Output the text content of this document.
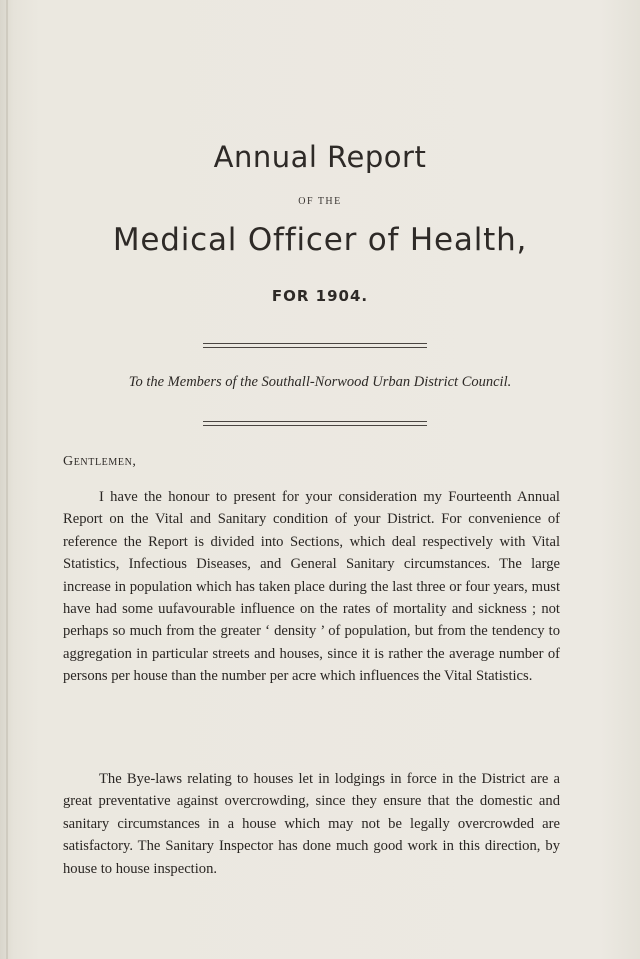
Annual Report
OF THE
Medical Officer of Health,
FOR 1904.

To the Members of the Southall-Norwood Urban District Council.

Gentlemen,

I have the honour to present for your consideration my Fourteenth Annual Report on the Vital and Sanitary condition of your District. For convenience of reference the Report is divided into Sections, which deal respectively with Vital Statistics, Infectious Diseases, and General Sanitary circumstances. The large increase in population which has taken place during the last three or four years, must have had some uufavourable influence on the rates of mortality and sickness ; not perhaps so much from the greater ‘ density ’ of population, but from the tendency to aggregation in particular streets and houses, since it is rather the average number of persons per house than the number per acre which influences the Vital Statistics.

The Bye-laws relating to houses let in lodgings in force in the District are a great preventative against overcrowding, since they ensure that the domestic and sanitary circumstances in a house which may not be legally overcrowded are satisfactory. The Sanitary Inspector has done much good work in this direction, by house to house inspection.
